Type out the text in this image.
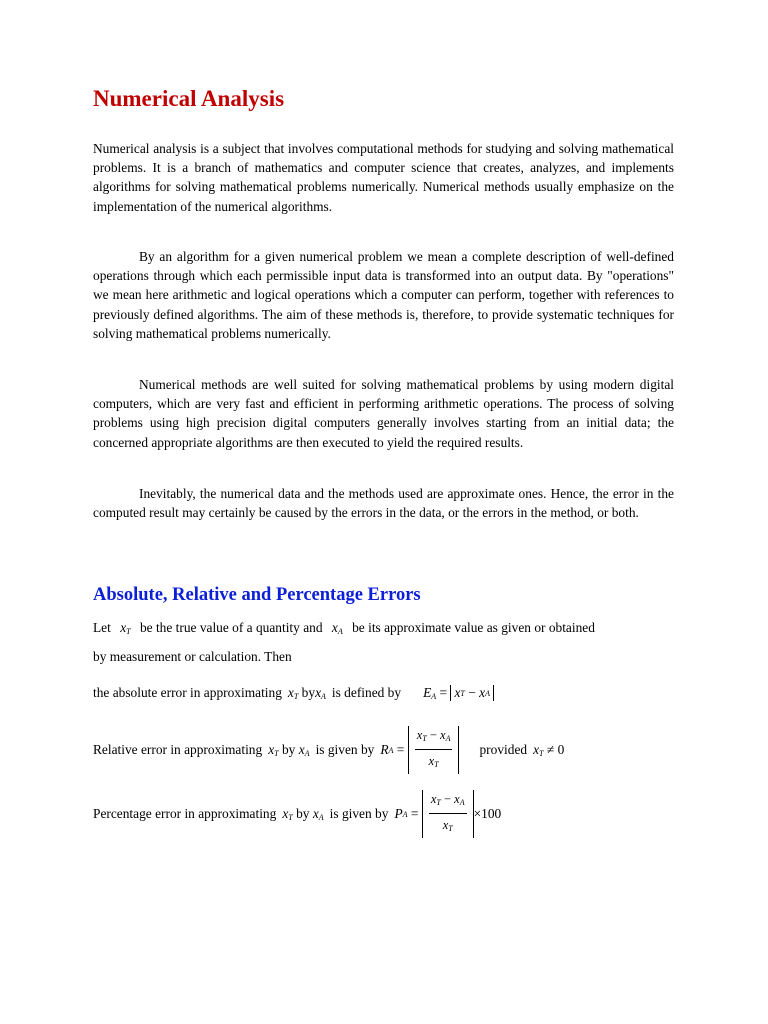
Numerical Analysis

Numerical analysis is a subject that involves computational methods for studying and solving mathematical problems. It is a branch of mathematics and computer science that creates, analyzes, and implements algorithms for solving mathematical problems numerically. Numerical methods usually emphasize on the implementation of the numerical algorithms.

By an algorithm for a given numerical problem we mean a complete description of well-defined operations through which each permissible input data is transformed into an output data. By "operations" we mean here arithmetic and logical operations which a computer can perform, together with references to previously defined algorithms. The aim of these methods is, therefore, to provide systematic techniques for solving mathematical problems numerically.

Numerical methods are well suited for solving mathematical problems by using modern digital computers, which are very fast and efficient in performing arithmetic operations. The process of solving problems using high precision digital computers generally involves starting from an initial data; the concerned appropriate algorithms are then executed to yield the required results.

Inevitably, the numerical data and the methods used are approximate ones. Hence, the error in the computed result may certainly be caused by the errors in the data, or the errors in the method, or both.

Absolute, Relative and Percentage Errors
Let $x_T$ be the true value of a quantity and $x_A$ be its approximate value as given or obtained
by measurement or calculation. Then
the absolute error in approximating $x_T$
by $x_A$ is defined by $E_A = x$ T
−
x A
Relative error in approximating $x_T$
by
$x_A$ is given by R A
=
$\frac{x_T - x_A}{x_T}$ provided $x_T \ne 0$
Percentage error in approximating $x_T$
by
$x_A$ is given by P A
=
$\frac{x_T - x_A}{x_T} \times 100$
